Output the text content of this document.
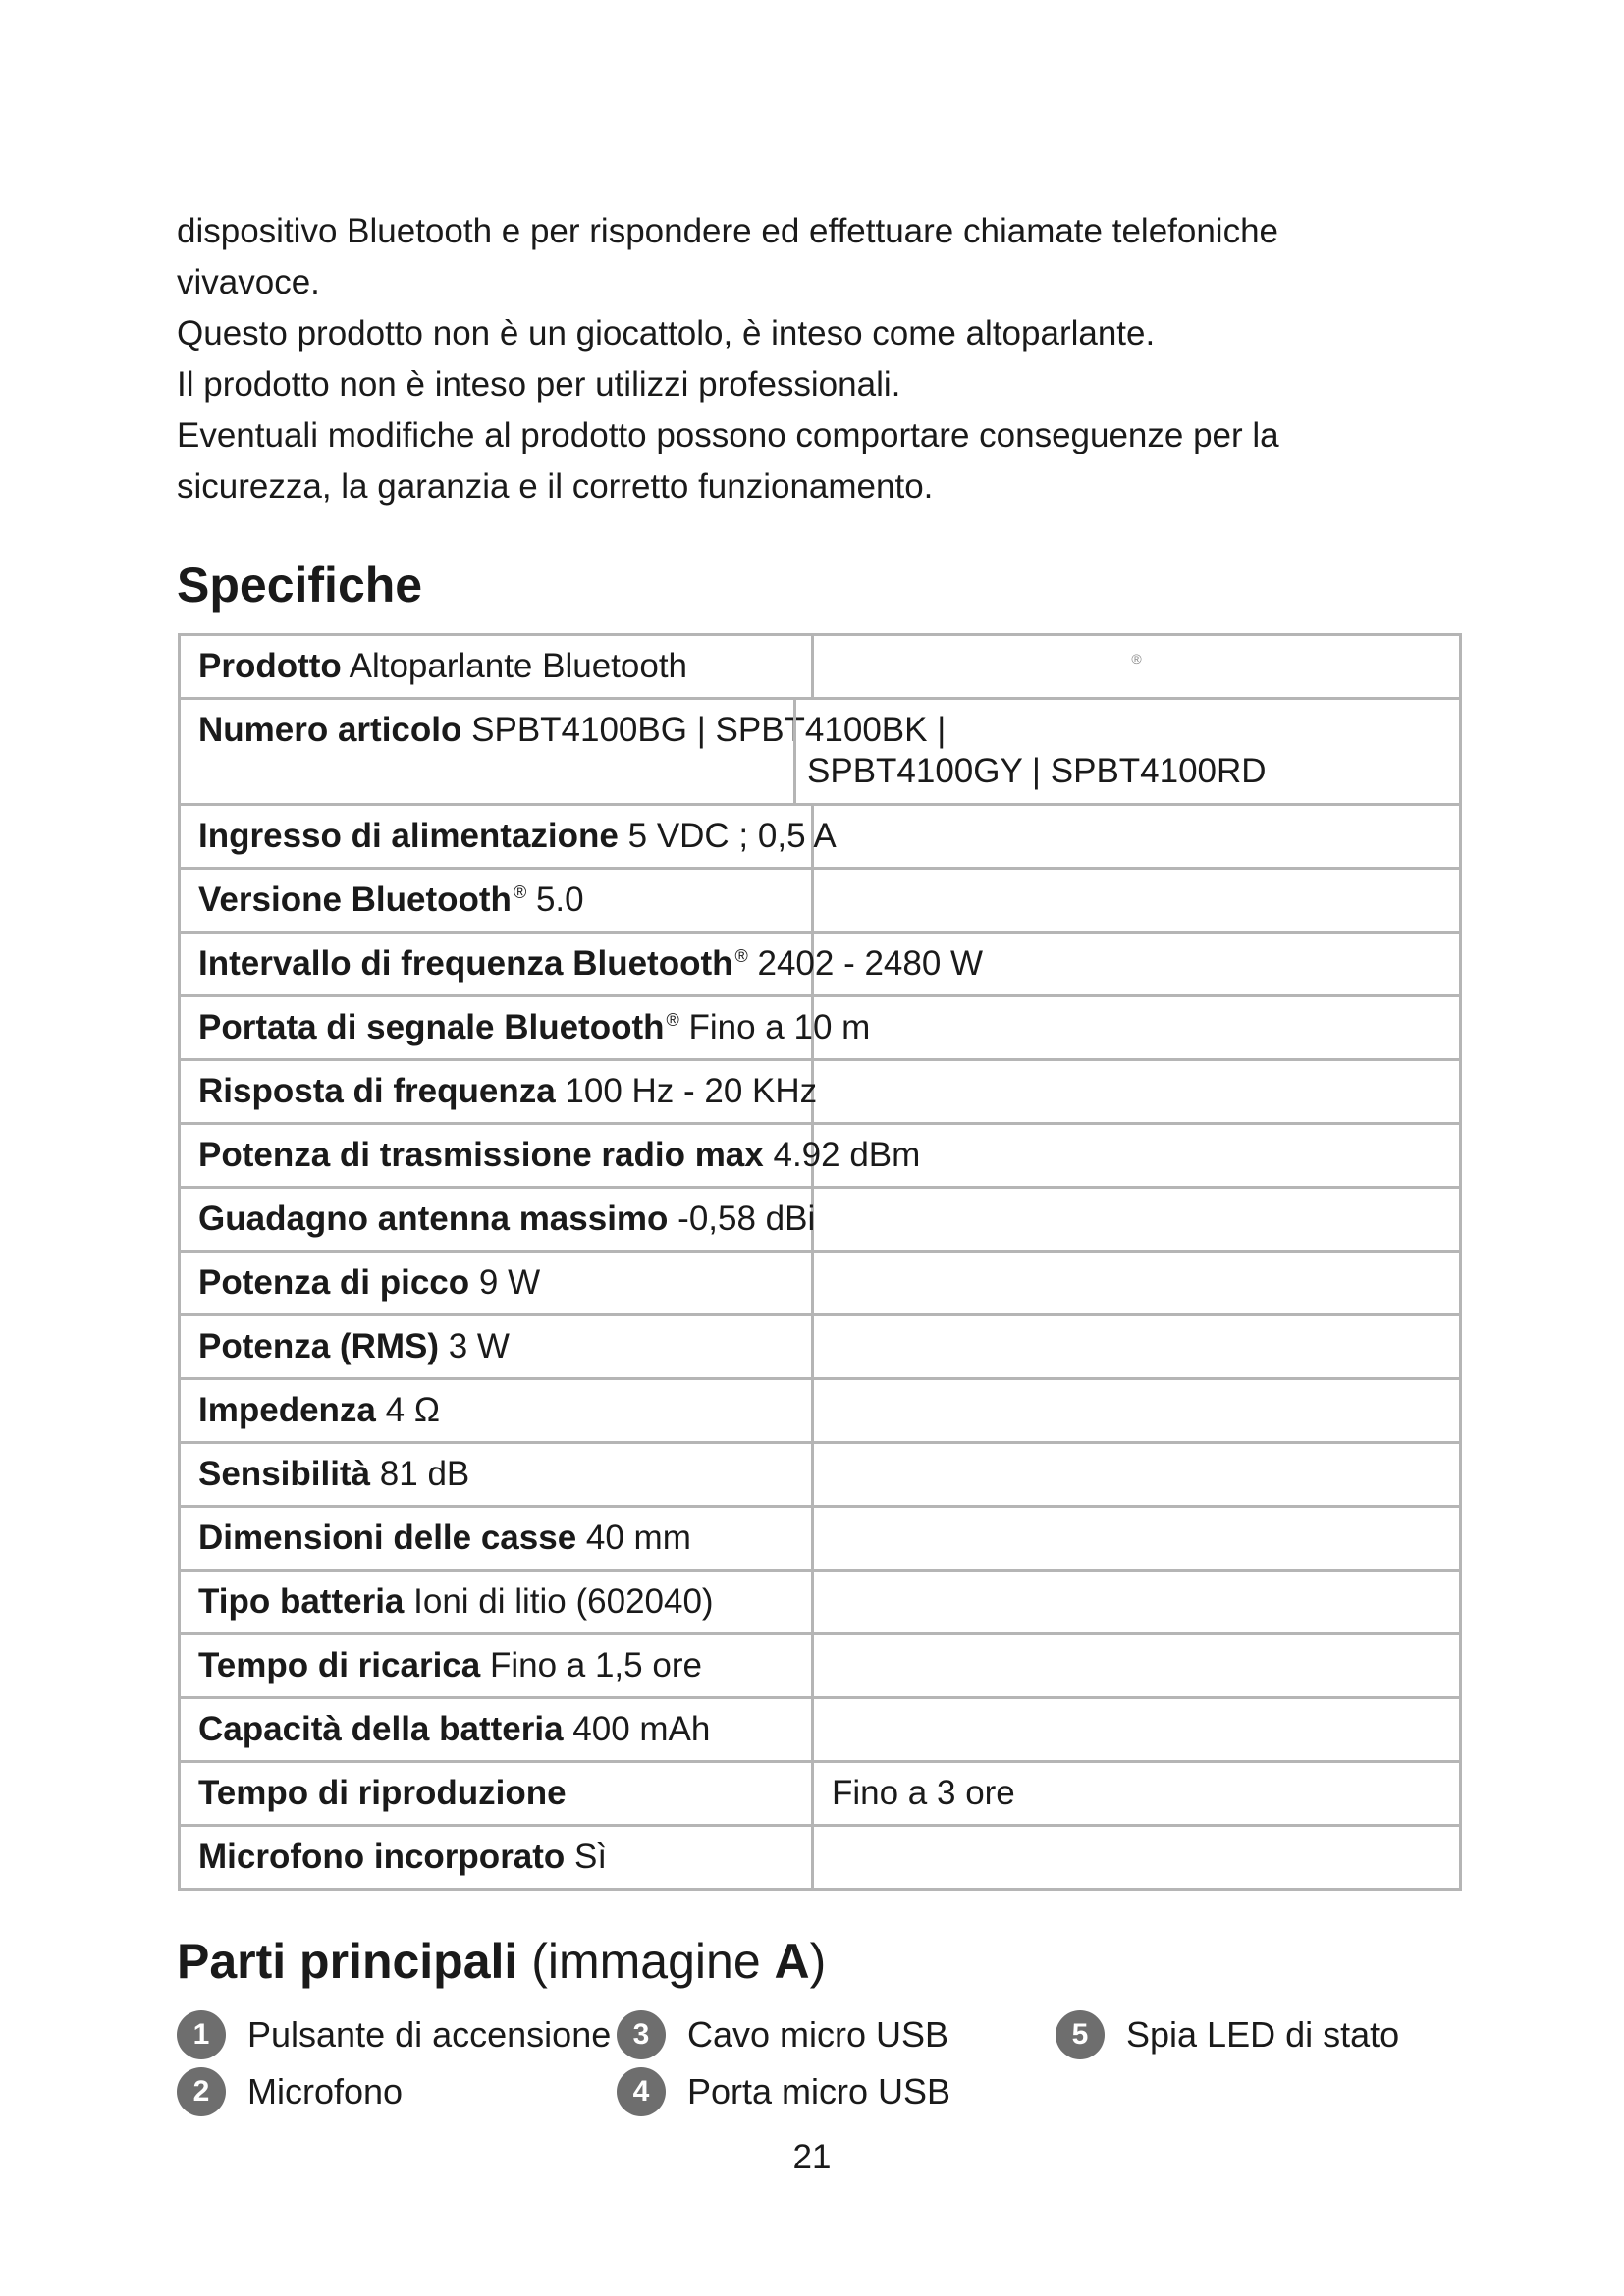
dispositivo Bluetooth e per rispondere ed effettuare chiamate telefoniche

vivavoce.

Questo prodotto non è un giocattolo, è inteso come altoparlante.

Il prodotto non è inteso per utilizzi professionali.

Eventuali modifiche al prodotto possono comportare conseguenze per la

sicurezza, la garanzia e il corretto funzionamento.

Specifiche
Prodotto Altoparlante Bluetooth	®

Numero articolo SPBT4100BG | SPBT4100BK |
SPBT4100GY | SPBT4100RD	

Ingresso di alimentazione 5 VDC ; 0,5 A	
Versione Bluetooth ® 5.0	
Intervallo di frequenza Bluetooth ® 2402 - 2480 W	
Portata di segnale Bluetooth ® Fino a 10 m	
Risposta di frequenza 100 Hz - 20 KHz	
Potenza di trasmissione radio max 4.92 dBm	
Guadagno antenna massimo -0,58 dBi	
Potenza di picco 9 W	
Potenza (RMS) 3 W	
Impedenza 4 Ω	
Sensibilità 81 dB	
Dimensioni delle casse 40 mm	
Tipo batteria Ioni di litio (602040)	
Tempo di ricarica Fino a 1,5 ore	
Capacità della batteria 400 mAh	
Tempo di riproduzione	Fino a 3 ore
Microfono incorporato Sì	
Parti principali (immagine A)
1	Pulsante di accensione
2	Microfono
3	Cavo micro USB
4	Porta micro USB
5	Spia LED di stato
21
